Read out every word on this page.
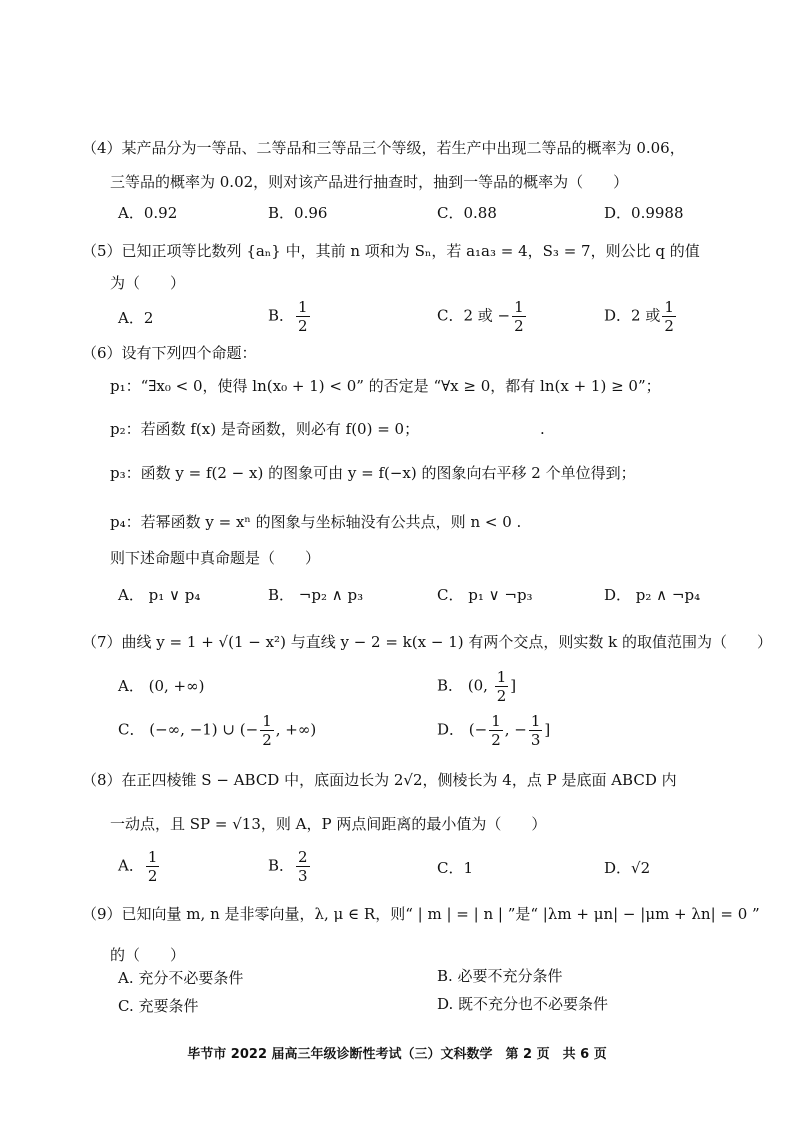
（4）某产品分为一等品、二等品和三等品三个等级，若生产中出现二等品的概率为 0.06，
三等品的概率为 0.02，则对该产品进行抽查时，抽到一等品的概率为（　　）
A．0.92	B．0.96	C．0.88	D．0.9988
（5）已知正项等比数列 {aₙ} 中，其前 n 项和为 Sₙ，若 a₁a₃ = 4，S₃ = 7，则公比 q 的值
为（　　）
A．2	B． $\frac{1}{2}$	C．2 或 − $\frac{1}{2}$	D．2 或 $\frac{1}{2}$
（6）设有下列四个命题：
p₁：“∃x₀ < 0，使得 ln(x₀ + 1) < 0” 的否定是 “∀x ≥ 0，都有 ln(x + 1) ≥ 0”；
p₂：若函数 f(x) 是奇函数，则必有 f(0) = 0；	.
p₃：函数 y = f(2 − x) 的图象可由 y = f(−x) 的图象向右平移 2 个单位得到；
p₄：若幂函数 y = xⁿ 的图象与坐标轴没有公共点，则 n < 0 .
则下述命题中真命题是（　　）
A． p₁ ∨ p₄	B． ¬p₂ ∧ p₃	C． p₁ ∨ ¬p₃	D． p₂ ∧ ¬p₄
（7）曲线 y = 1 + √(1 − x²) 与直线 y − 2 = k(x − 1) 有两个交点，则实数 k 的取值范围为（　　）
A． (0, +∞)	B． (0, $\frac{1}{2}$ ]
C． (−∞, −1) ∪ (− $\frac{1}{2}$ , +∞)	D． (− $\frac{1}{2}$ , − $\frac{1}{3}$ ]
（8）在正四棱锥 S − ABCD 中，底面边长为 2√2，侧棱长为 4，点 P 是底面 ABCD 内
一动点，且 SP = √13，则 A，P 两点间距离的最小值为（　　）
A． $\frac{1}{2}$	B． $\frac{2}{3}$	C．1	D．√2
（9）已知向量 m, n 是非零向量，λ, μ ∈ R，则“ | m | = | n | ”是“ |λm + μn| − |μm + λn| = 0 ”
的（　　）
A. 充分不必要条件	B. 必要不充分条件
C. 充要条件	D. 既不充分也不必要条件
毕节市 2022 届高三年级诊断性考试（三）文科数学　第 2 页　共 6 页
